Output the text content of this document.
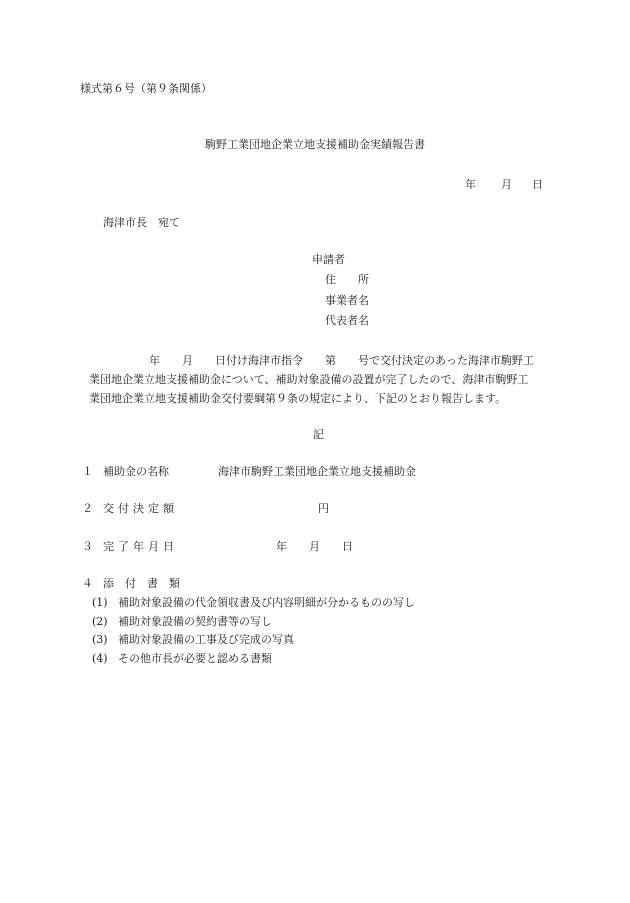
様式第６号（第９条関係）
駒野工業団地企業立地支援補助金実績報告書
年 月 日
海津市長　宛て
申請者
住　　所
事業者名
代表者名
年　　月　　日付け海津市指令　　第　　号で交付決定のあった海津市駒野工
業団地企業立地支援補助金について、補助対象設備の設置が完了したので、海津市駒野工
業団地企業立地支援補助金交付要綱第９条の規定により、下記のとおり報告します。
記
１ 補助金の名称	海津市駒野工業団地企業立地支援補助金
２ 交付決定額	円
３ 完了年月日	年　　月　　日
４ 添　付　書　類
(1) 補助対象設備の代金領収書及び内容明細が分かるものの写し
(2) 補助対象設備の契約書等の写し
(3) 補助対象設備の工事及び完成の写真
(4) その他市長が必要と認める書類
